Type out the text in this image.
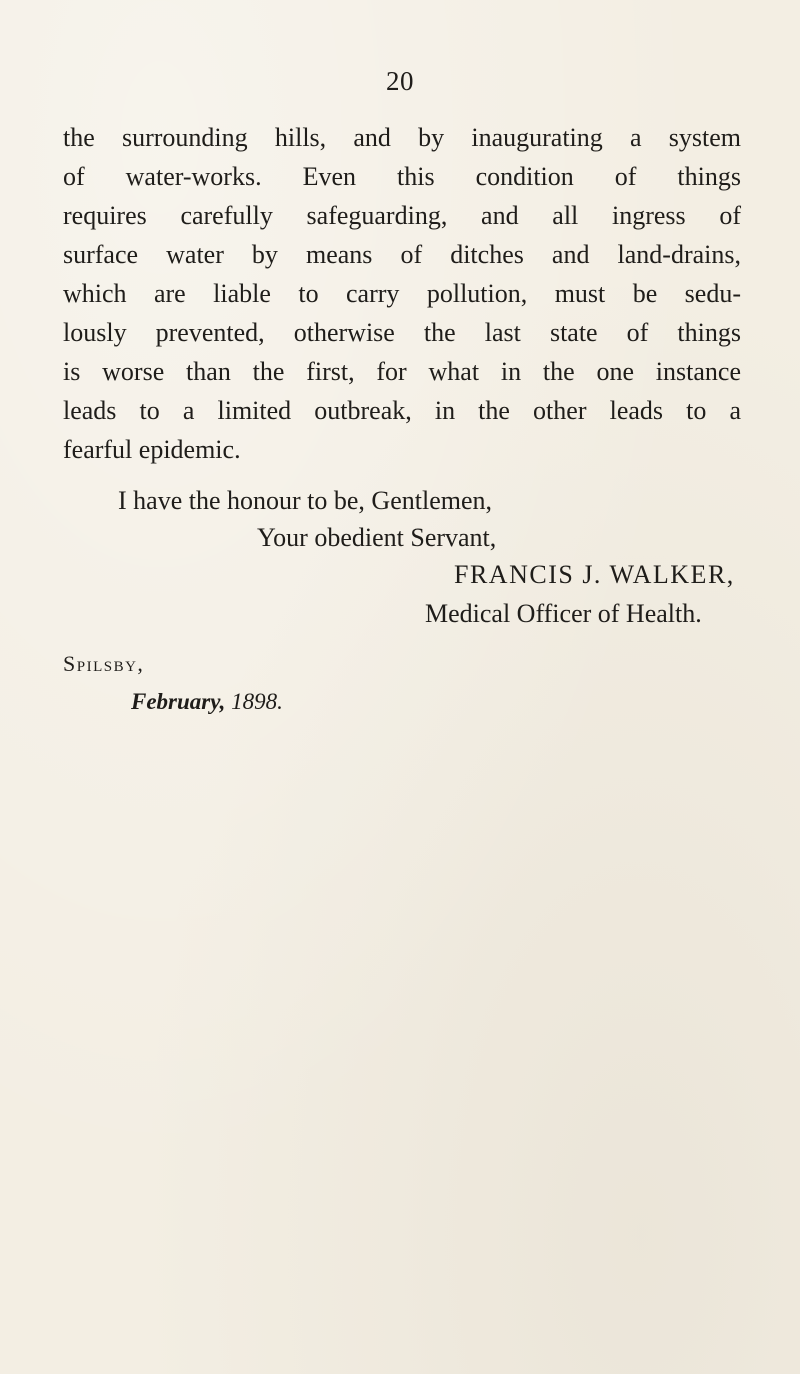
20
the surrounding hills, and by inaugurating a system
of water-works. Even this condition of things
requires carefully safeguarding, and all ingress of
surface water by means of ditches and land-drains,
which are liable to carry pollution, must be sedu-
lously prevented, otherwise the last state of things
is worse than the first, for what in the one instance
leads to a limited outbreak, in the other leads to a
fearful epidemic.
I have the honour to be, Gentlemen,
Your obedient Servant,
FRANCIS J. WALKER,
Medical Officer of Health.
Spilsby,
February, 1898.
